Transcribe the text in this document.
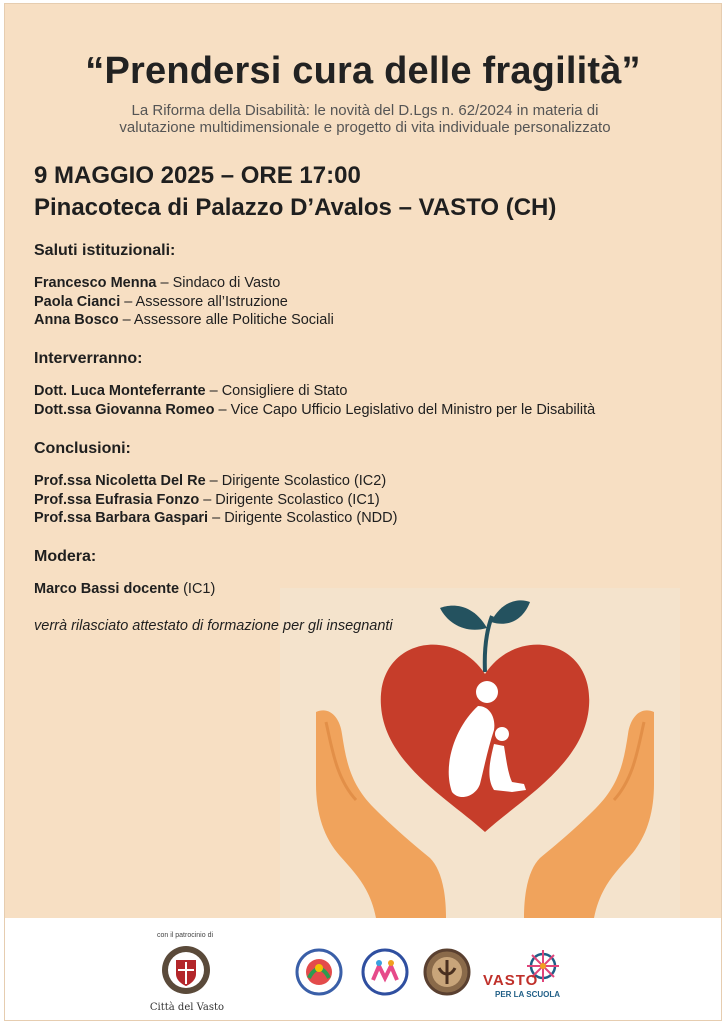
“Prendersi cura delle fragilità”
La Riforma della Disabilità: le novità del D.Lgs n. 62/2024 in materia di
valutazione multidimensionale e progetto di vita individuale personalizzato
9 MAGGIO 2025 – ORE 17:00
Pinacoteca di Palazzo D’Avalos – VASTO (CH)
Saluti istituzionali:
Francesco Menna – Sindaco di Vasto
Paola Cianci – Assessore all’Istruzione
Anna Bosco – Assessore alle Politiche Sociali
Interverranno:
Dott. Luca Monteferrante – Consigliere di Stato
Dott.ssa Giovanna Romeo – Vice Capo Ufficio Legislativo del Ministro per le Disabilità
Conclusioni:
Prof.ssa Nicoletta Del Re – Dirigente Scolastico (IC2)
Prof.ssa Eufrasia Fonzo – Dirigente Scolastico (IC1)
Prof.ssa Barbara Gaspari – Dirigente Scolastico (NDD)
Modera:
Marco Bassi docente (IC1)
verrà rilasciato attestato di formazione per gli insegnanti
con il patrocinio di
Città del Vasto
VASTO
PER LA SCUOLA
